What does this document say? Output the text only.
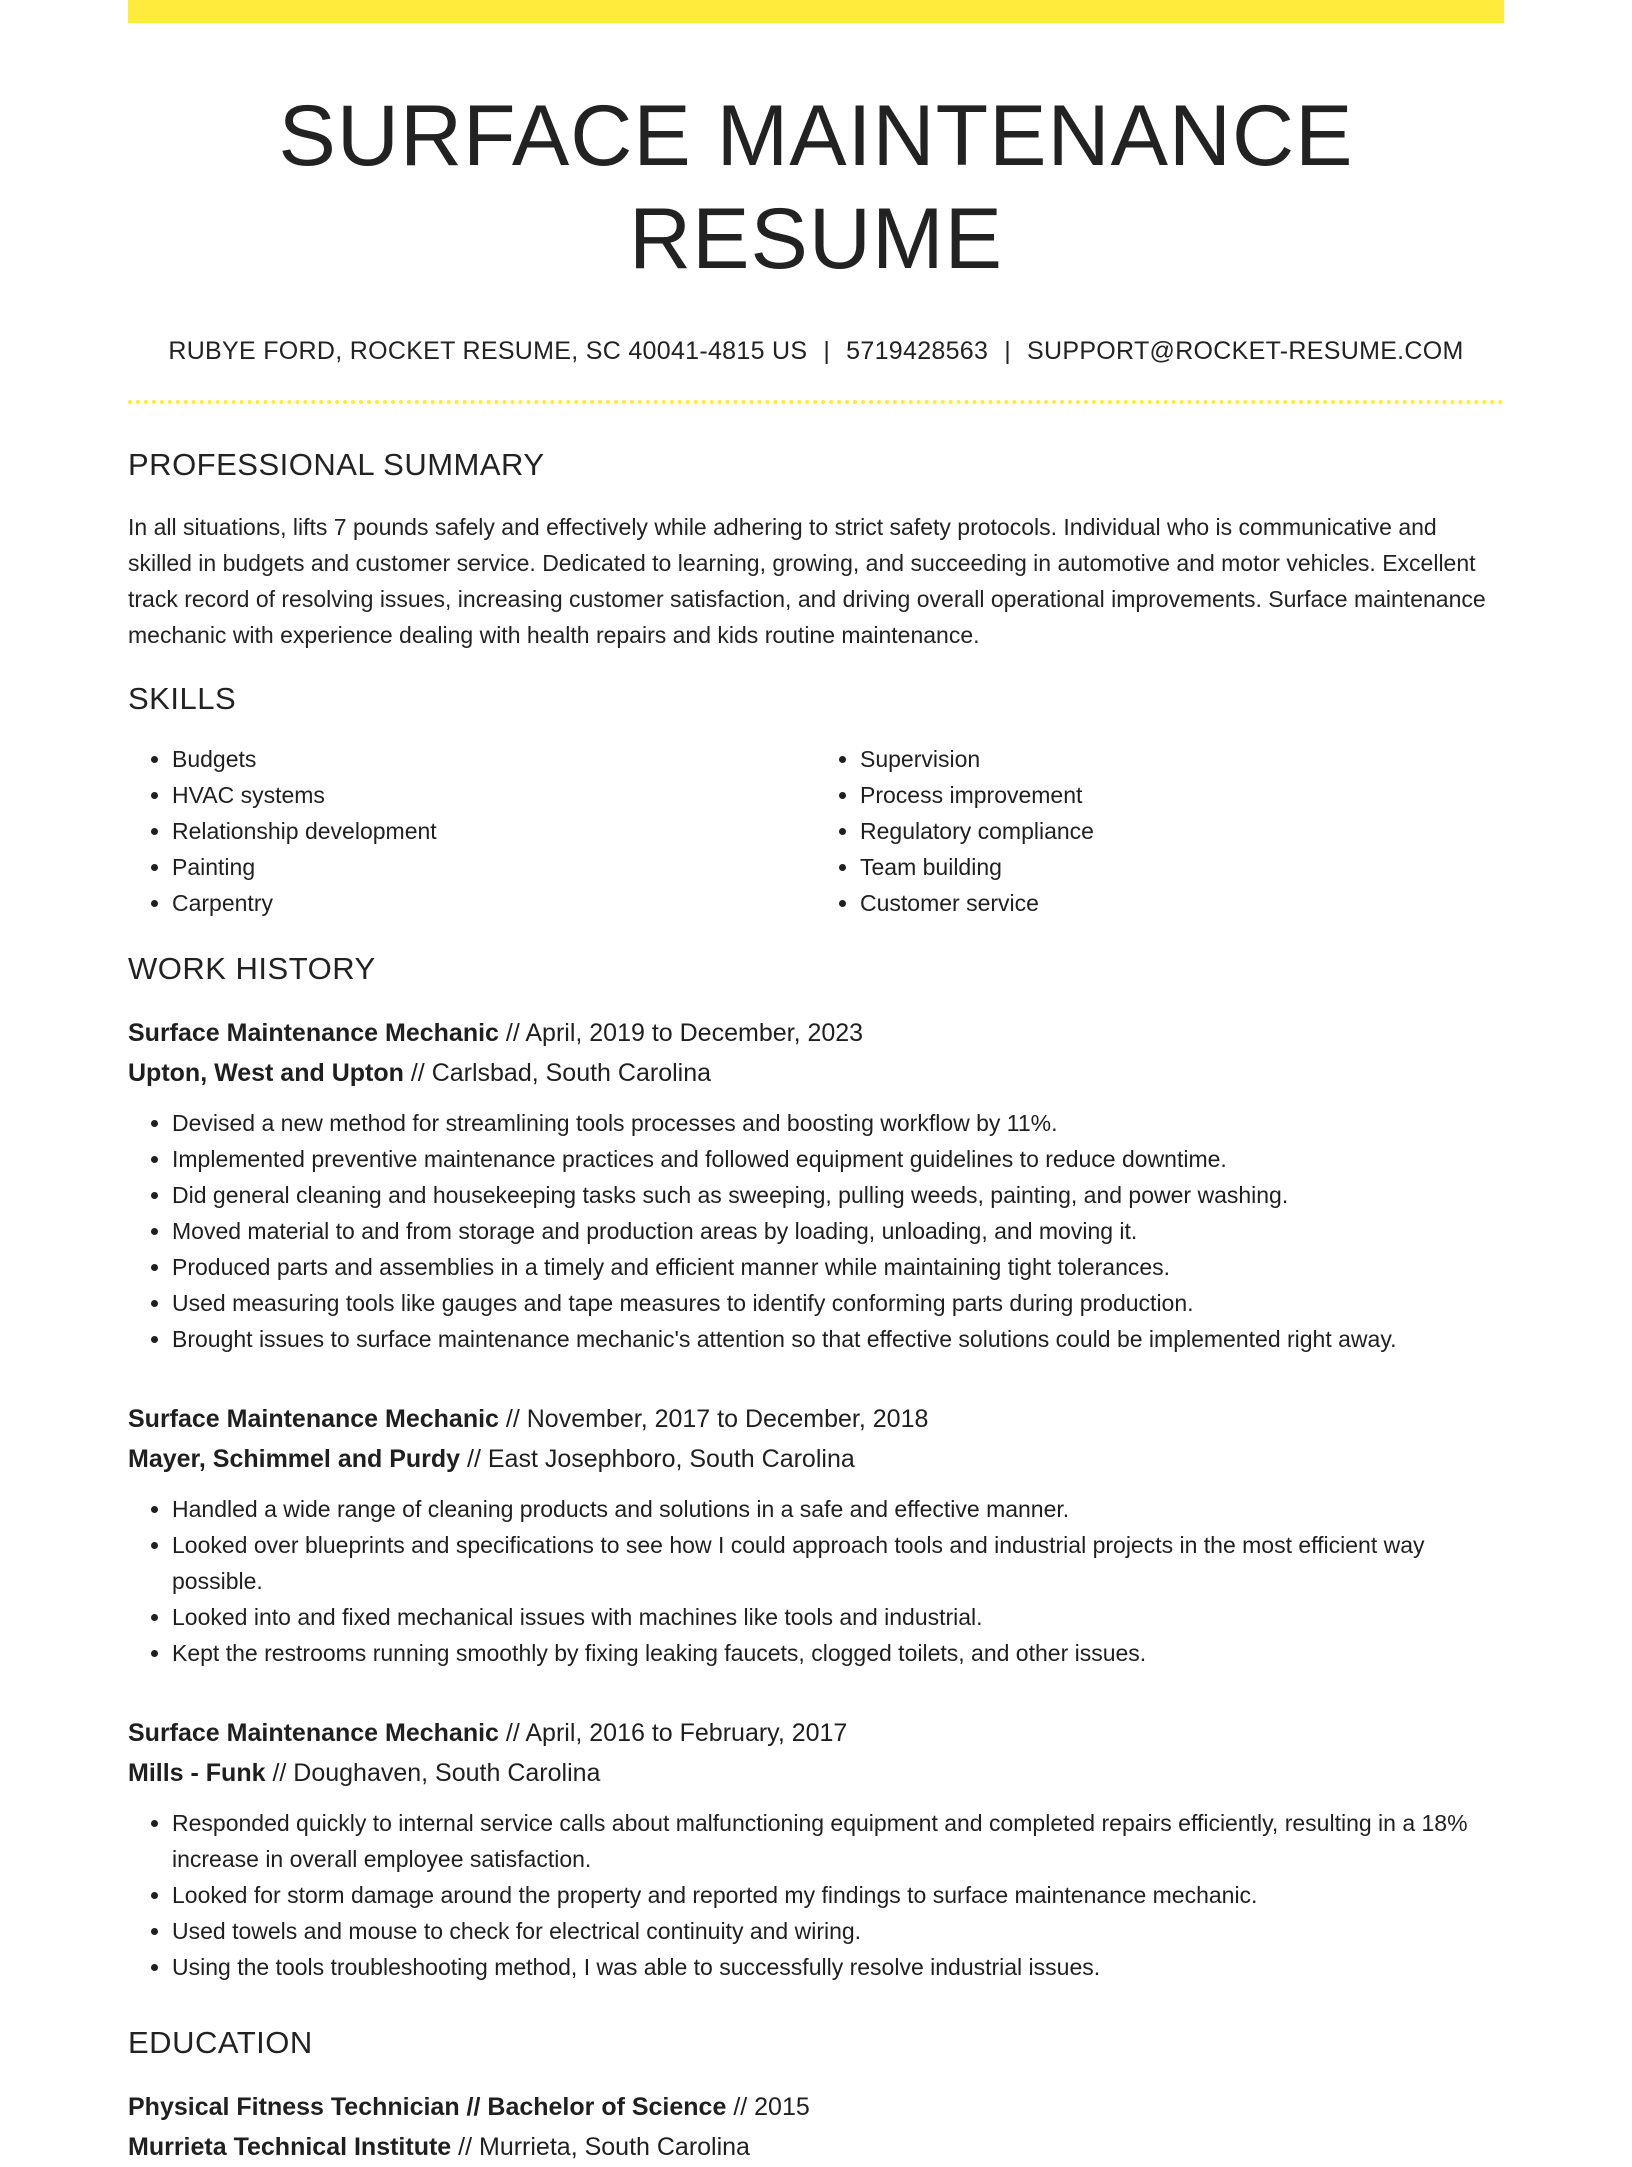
SURFACE MAINTENANCE RESUME
RUBYE FORD, ROCKET RESUME, SC 40041-4815 US | 5719428563 | SUPPORT@ROCKET-RESUME.COM
PROFESSIONAL SUMMARY

In all situations, lifts 7 pounds safely and effectively while adhering to strict safety protocols. Individual who is communicative and skilled in budgets and customer service. Dedicated to learning, growing, and succeeding in automotive and motor vehicles. Excellent track record of resolving issues, increasing customer satisfaction, and driving overall operational improvements. Surface maintenance mechanic with experience dealing with health repairs and kids routine maintenance.

SKILLS
• Budgets
• HVAC systems
• Relationship development
• Painting
• Carpentry
• Supervision
• Process improvement
• Regulatory compliance
• Team building
• Customer service
WORK HISTORY
Surface Maintenance Mechanic // April, 2019 to December, 2023
Upton, West and Upton // Carlsbad, South Carolina
• Devised a new method for streamlining tools processes and boosting workflow by 11%.
• Implemented preventive maintenance practices and followed equipment guidelines to reduce downtime.
• Did general cleaning and housekeeping tasks such as sweeping, pulling weeds, painting, and power washing.
• Moved material to and from storage and production areas by loading, unloading, and moving it.
• Produced parts and assemblies in a timely and efficient manner while maintaining tight tolerances.
• Used measuring tools like gauges and tape measures to identify conforming parts during production.
• Brought issues to surface maintenance mechanic's attention so that effective solutions could be implemented right away.
Surface Maintenance Mechanic // November, 2017 to December, 2018
Mayer, Schimmel and Purdy // East Josephboro, South Carolina
• Handled a wide range of cleaning products and solutions in a safe and effective manner.
• Looked over blueprints and specifications to see how I could approach tools and industrial projects in the most efficient way possible.
• Looked into and fixed mechanical issues with machines like tools and industrial.
• Kept the restrooms running smoothly by fixing leaking faucets, clogged toilets, and other issues.
Surface Maintenance Mechanic // April, 2016 to February, 2017
Mills - Funk // Doughaven, South Carolina
• Responded quickly to internal service calls about malfunctioning equipment and completed repairs efficiently, resulting in a 18% increase in overall employee satisfaction.
• Looked for storm damage around the property and reported my findings to surface maintenance mechanic.
• Used towels and mouse to check for electrical continuity and wiring.
• Using the tools troubleshooting method, I was able to successfully resolve industrial issues.
EDUCATION
Physical Fitness Technician // Bachelor of Science // 2015
Murrieta Technical Institute // Murrieta, South Carolina
